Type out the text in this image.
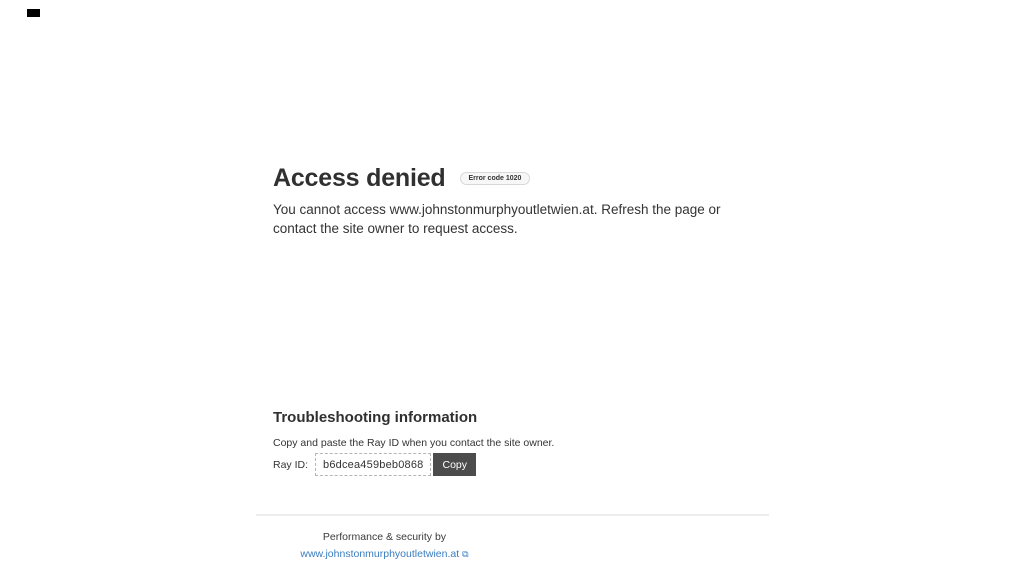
Access denied	Error code 1020

You cannot access www.johnstonmurphyoutletwien.at. Refresh the page or contact the site owner to request access.

Troubleshooting information

Copy and paste the Ray ID when you contact the site owner.

Ray ID:	b6dcea459beb0868	Copy
Performance & security by
www.johnstonmurphyoutletwien.at ⧉
